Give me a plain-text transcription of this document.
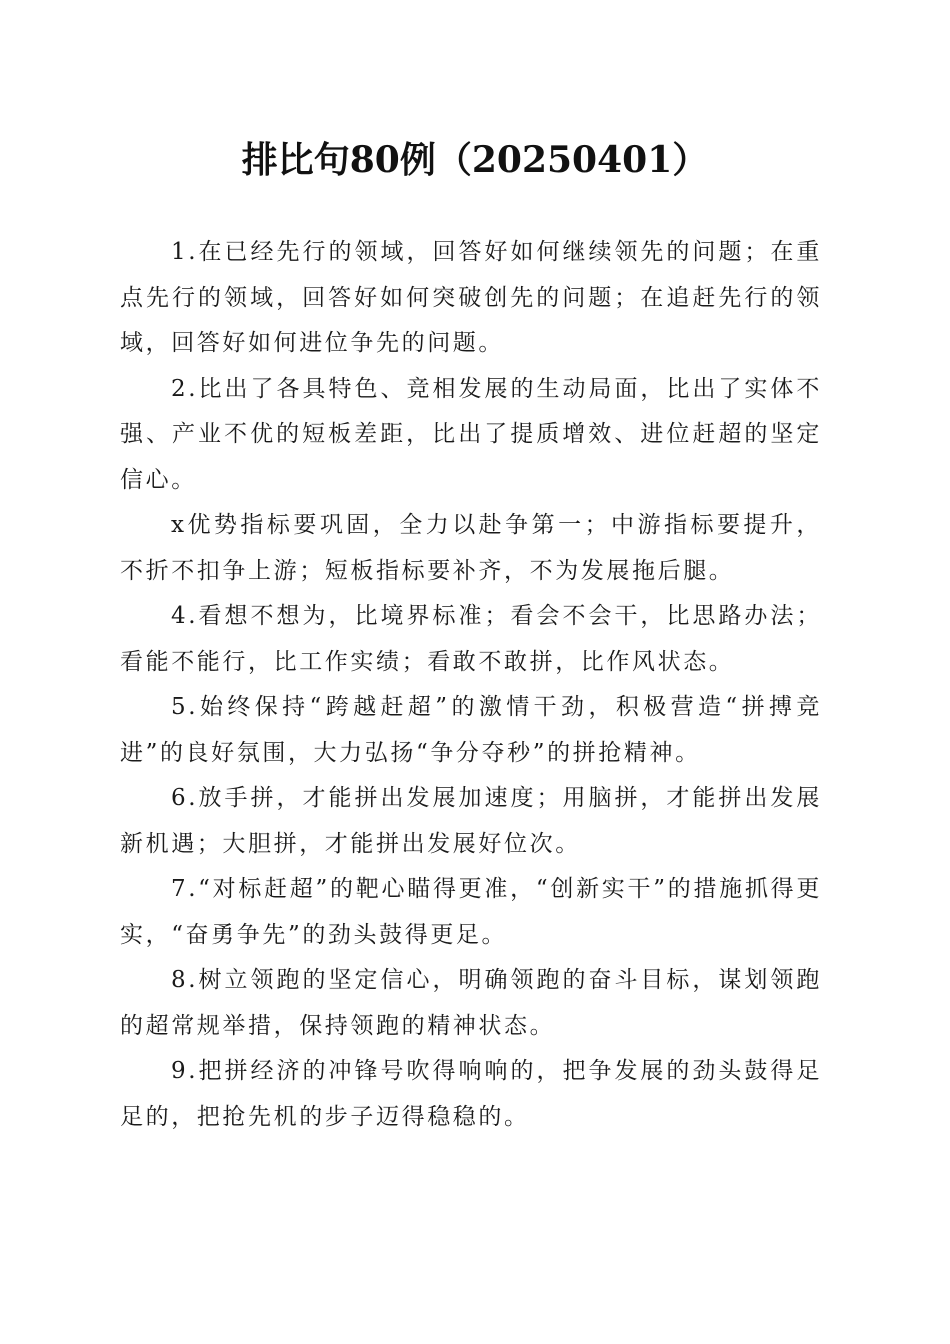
排比句80例（20250401）

1.在已经先行的领域，回答好如何继续领先的问题；在重点先行的领域，回答好如何突破创先的问题；在追赶先行的领域，回答好如何进位争先的问题。

2.比出了各具特色、竞相发展的生动局面，比出了实体不强、产业不优的短板差距，比出了提质增效、进位赶超的坚定信心。

x优势指标要巩固，全力以赴争第一；中游指标要提升，不折不扣争上游；短板指标要补齐，不为发展拖后腿。

4.看想不想为，比境界标准；看会不会干，比思路办法；看能不能行，比工作实绩；看敢不敢拼，比作风状态。

5.始终保持“跨越赶超”的激情干劲，积极营造“拼搏竞进”的良好氛围，大力弘扬“争分夺秒”的拼抢精神。

6.放手拼，才能拼出发展加速度；用脑拼，才能拼出发展新机遇；大胆拼，才能拼出发展好位次。

7.“对标赶超”的靶心瞄得更准，“创新实干”的措施抓得更实，“奋勇争先”的劲头鼓得更足。

8.树立领跑的坚定信心，明确领跑的奋斗目标，谋划领跑的超常规举措，保持领跑的精神状态。

9.把拼经济的冲锋号吹得响响的，把争发展的劲头鼓得足足的，把抢先机的步子迈得稳稳的。
